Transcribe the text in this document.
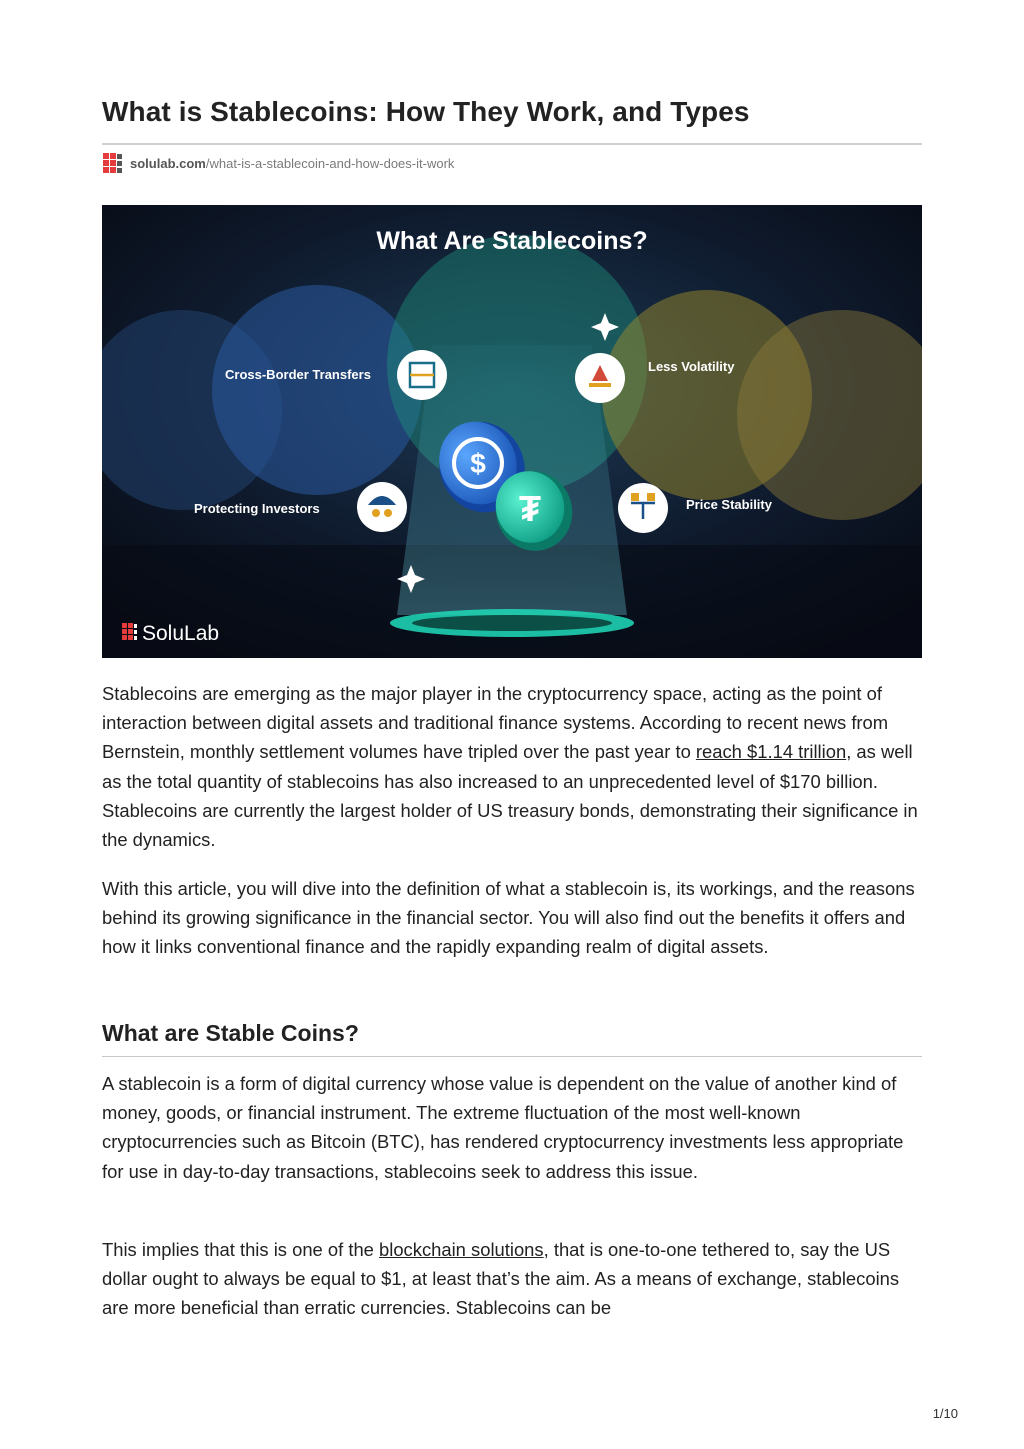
What is Stablecoins: How They Work, and Types
solulab.com/what-is-a-stablecoin-and-how-does-it-work
$
₮
What Are Stablecoins?
Cross-Border Transfers
Less Volatility
Protecting Investors	Price Stability
SoluLab

Stablecoins are emerging as the major player in the cryptocurrency space, acting as the point of interaction between digital assets and traditional finance systems. According to recent news from Bernstein, monthly settlement volumes have tripled over the past year to reach $1.14 trillion, as well as the total quantity of stablecoins has also increased to an unprecedented level of $170 billion. Stablecoins are currently the largest holder of US treasury bonds, demonstrating their significance in the dynamics.

With this article, you will dive into the definition of what a stablecoin is, its workings, and the reasons behind its growing significance in the financial sector. You will also find out the benefits it offers and how it links conventional finance and the rapidly expanding realm of digital assets.

What are Stable Coins?

A stablecoin is a form of digital currency whose value is dependent on the value of another kind of money, goods, or financial instrument. The extreme fluctuation of the most well-known cryptocurrencies such as Bitcoin (BTC), has rendered cryptocurrency investments less appropriate for use in day-to-day transactions, stablecoins seek to address this issue.

This implies that this is one of the blockchain solutions, that is one-to-one tethered to, say the US dollar ought to always be equal to $1, at least that’s the aim. As a means of exchange, stablecoins are more beneficial than erratic currencies. Stablecoins can be

1/10
